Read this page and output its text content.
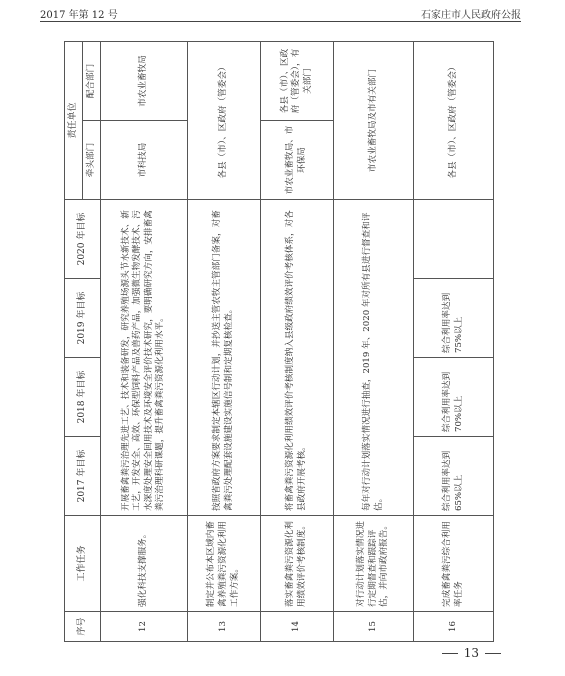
2017 年第 12 号	石家庄市人民政府公报
序号	工作任务	2017 年目标	2018 年目标	2019 年目标	2020 年目标	责任单位	
						牵头部门	配合部门
12	强化科技支撑服务。	开展畜禽粪污治理先进工艺、技术和装备研发，研究养殖场源头节水新技术、新工艺，开发安全、高效、环保型饲料产品及兽药产品，加强微生物发酵技术、污水深度处理安全回用技术及环境安全评价技术研究，要明确研究方向，安排畜禽粪污治理科研课题，提升畜禽粪污资源化利用水平。				市科技局	市农业畜牧局
13	制定并公布本区域内畜禽养殖粪污资源化利用工作方案。	按照省政府方案要求制定本辖区行动计划，并抄送主管农牧主管部门备案，对畜禽粪污处理配套设施建设实施信号制和定期复核检查。				各县（市）、区政府（管委会）	
14	落实畜禽粪污资源化利用绩效评价考核制度。	将畜禽粪污资源化利用绩效评价考核制度纳入县级政府绩效评价考核体系，对各县政府开展考核。				市农业畜牧局、市环保局	各县（市）、区政府（管委会），有关部门
15	对行动计划落实情况进行定期督查和跟踪评估，并向市政府报告。	每年对行动计划落实情况进行抽查，2019 年、2020 年对所有县进行督查和评估。				市农业畜牧局及市有关部门	
16	完成畜禽粪污综合利用率任务	综合利用率达到65%以上	综合利用率达到70%以上	综合利用率达到75%以上		各县（市）、区政府（管委会）	
13
